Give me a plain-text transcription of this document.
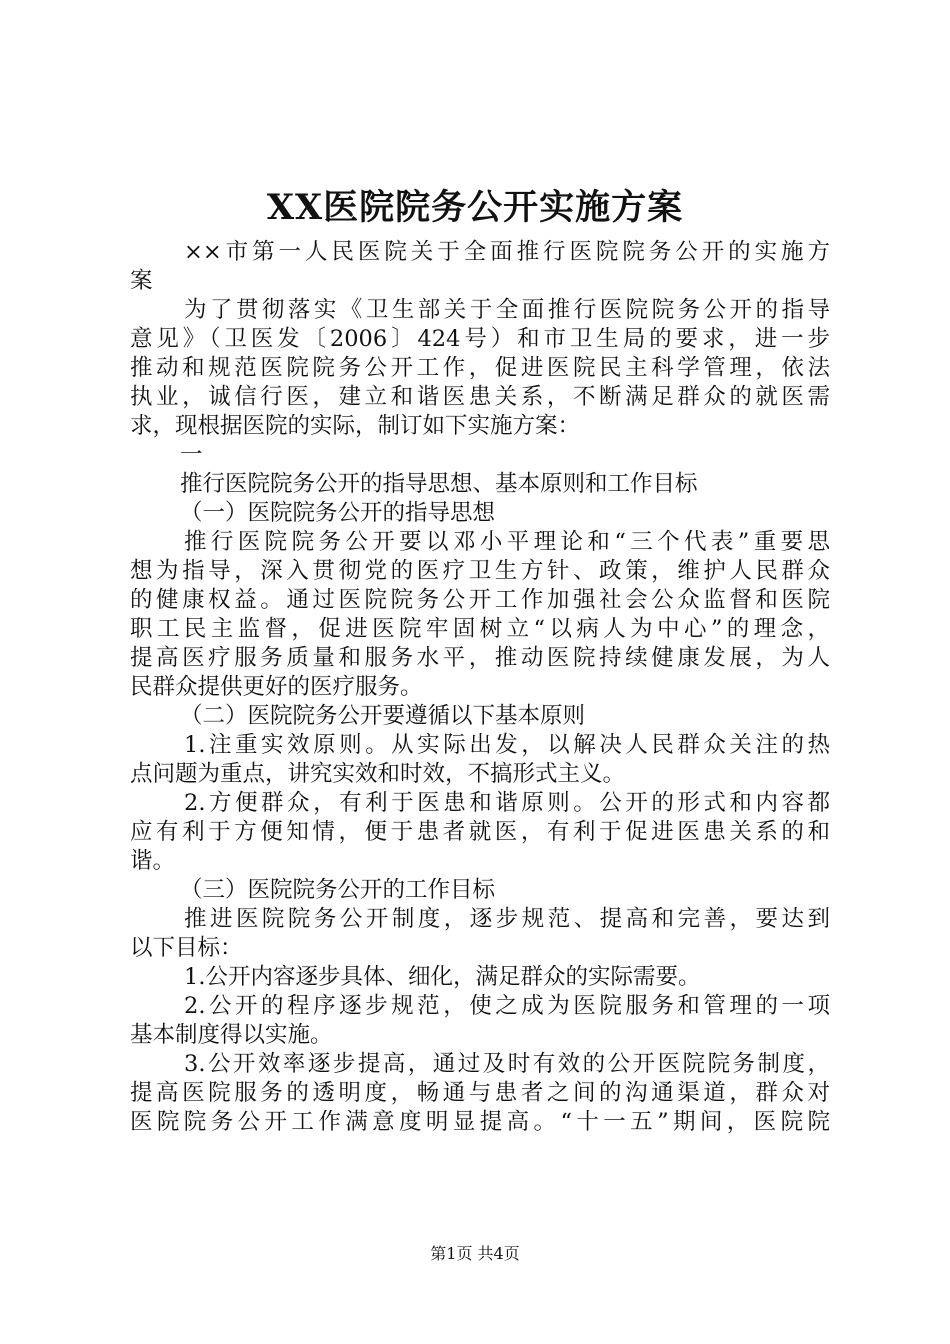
XX医院院务公开实施方案
××市第一人民医院关于全面推行医院院务公开的实施方
案
为了贯彻落实《卫生部关于全面推行医院院务公开的指导
意见》（卫医发〔2006〕424号）和市卫生局的要求，进一步
推动和规范医院院务公开工作，促进医院民主科学管理，依法
执业，诚信行医，建立和谐医患关系，不断满足群众的就医需
求，现根据医院的实际，制订如下实施方案：
一
推行医院院务公开的指导思想、基本原则和工作目标
（一）医院院务公开的指导思想
推行医院院务公开要以邓小平理论和“三个代表”重要思
想为指导，深入贯彻党的医疗卫生方针、政策，维护人民群众
的健康权益。通过医院院务公开工作加强社会公众监督和医院
职工民主监督，促进医院牢固树立“以病人为中心”的理念，
提高医疗服务质量和服务水平，推动医院持续健康发展，为人
民群众提供更好的医疗服务。
（二）医院院务公开要遵循以下基本原则
1.注重实效原则。从实际出发，以解决人民群众关注的热
点问题为重点，讲究实效和时效，不搞形式主义。
2.方便群众，有利于医患和谐原则。公开的形式和内容都
应有利于方便知情，便于患者就医，有利于促进医患关系的和
谐。
（三）医院院务公开的工作目标
推进医院院务公开制度，逐步规范、提高和完善，要达到
以下目标：
1.公开内容逐步具体、细化，满足群众的实际需要。
2.公开的程序逐步规范，使之成为医院服务和管理的一项
基本制度得以实施。
3.公开效率逐步提高，通过及时有效的公开医院院务制度，
提高医院服务的透明度，畅通与患者之间的沟通渠道，群众对
医院院务公开工作满意度明显提高。“十一五”期间，医院院
第1页 共4页
